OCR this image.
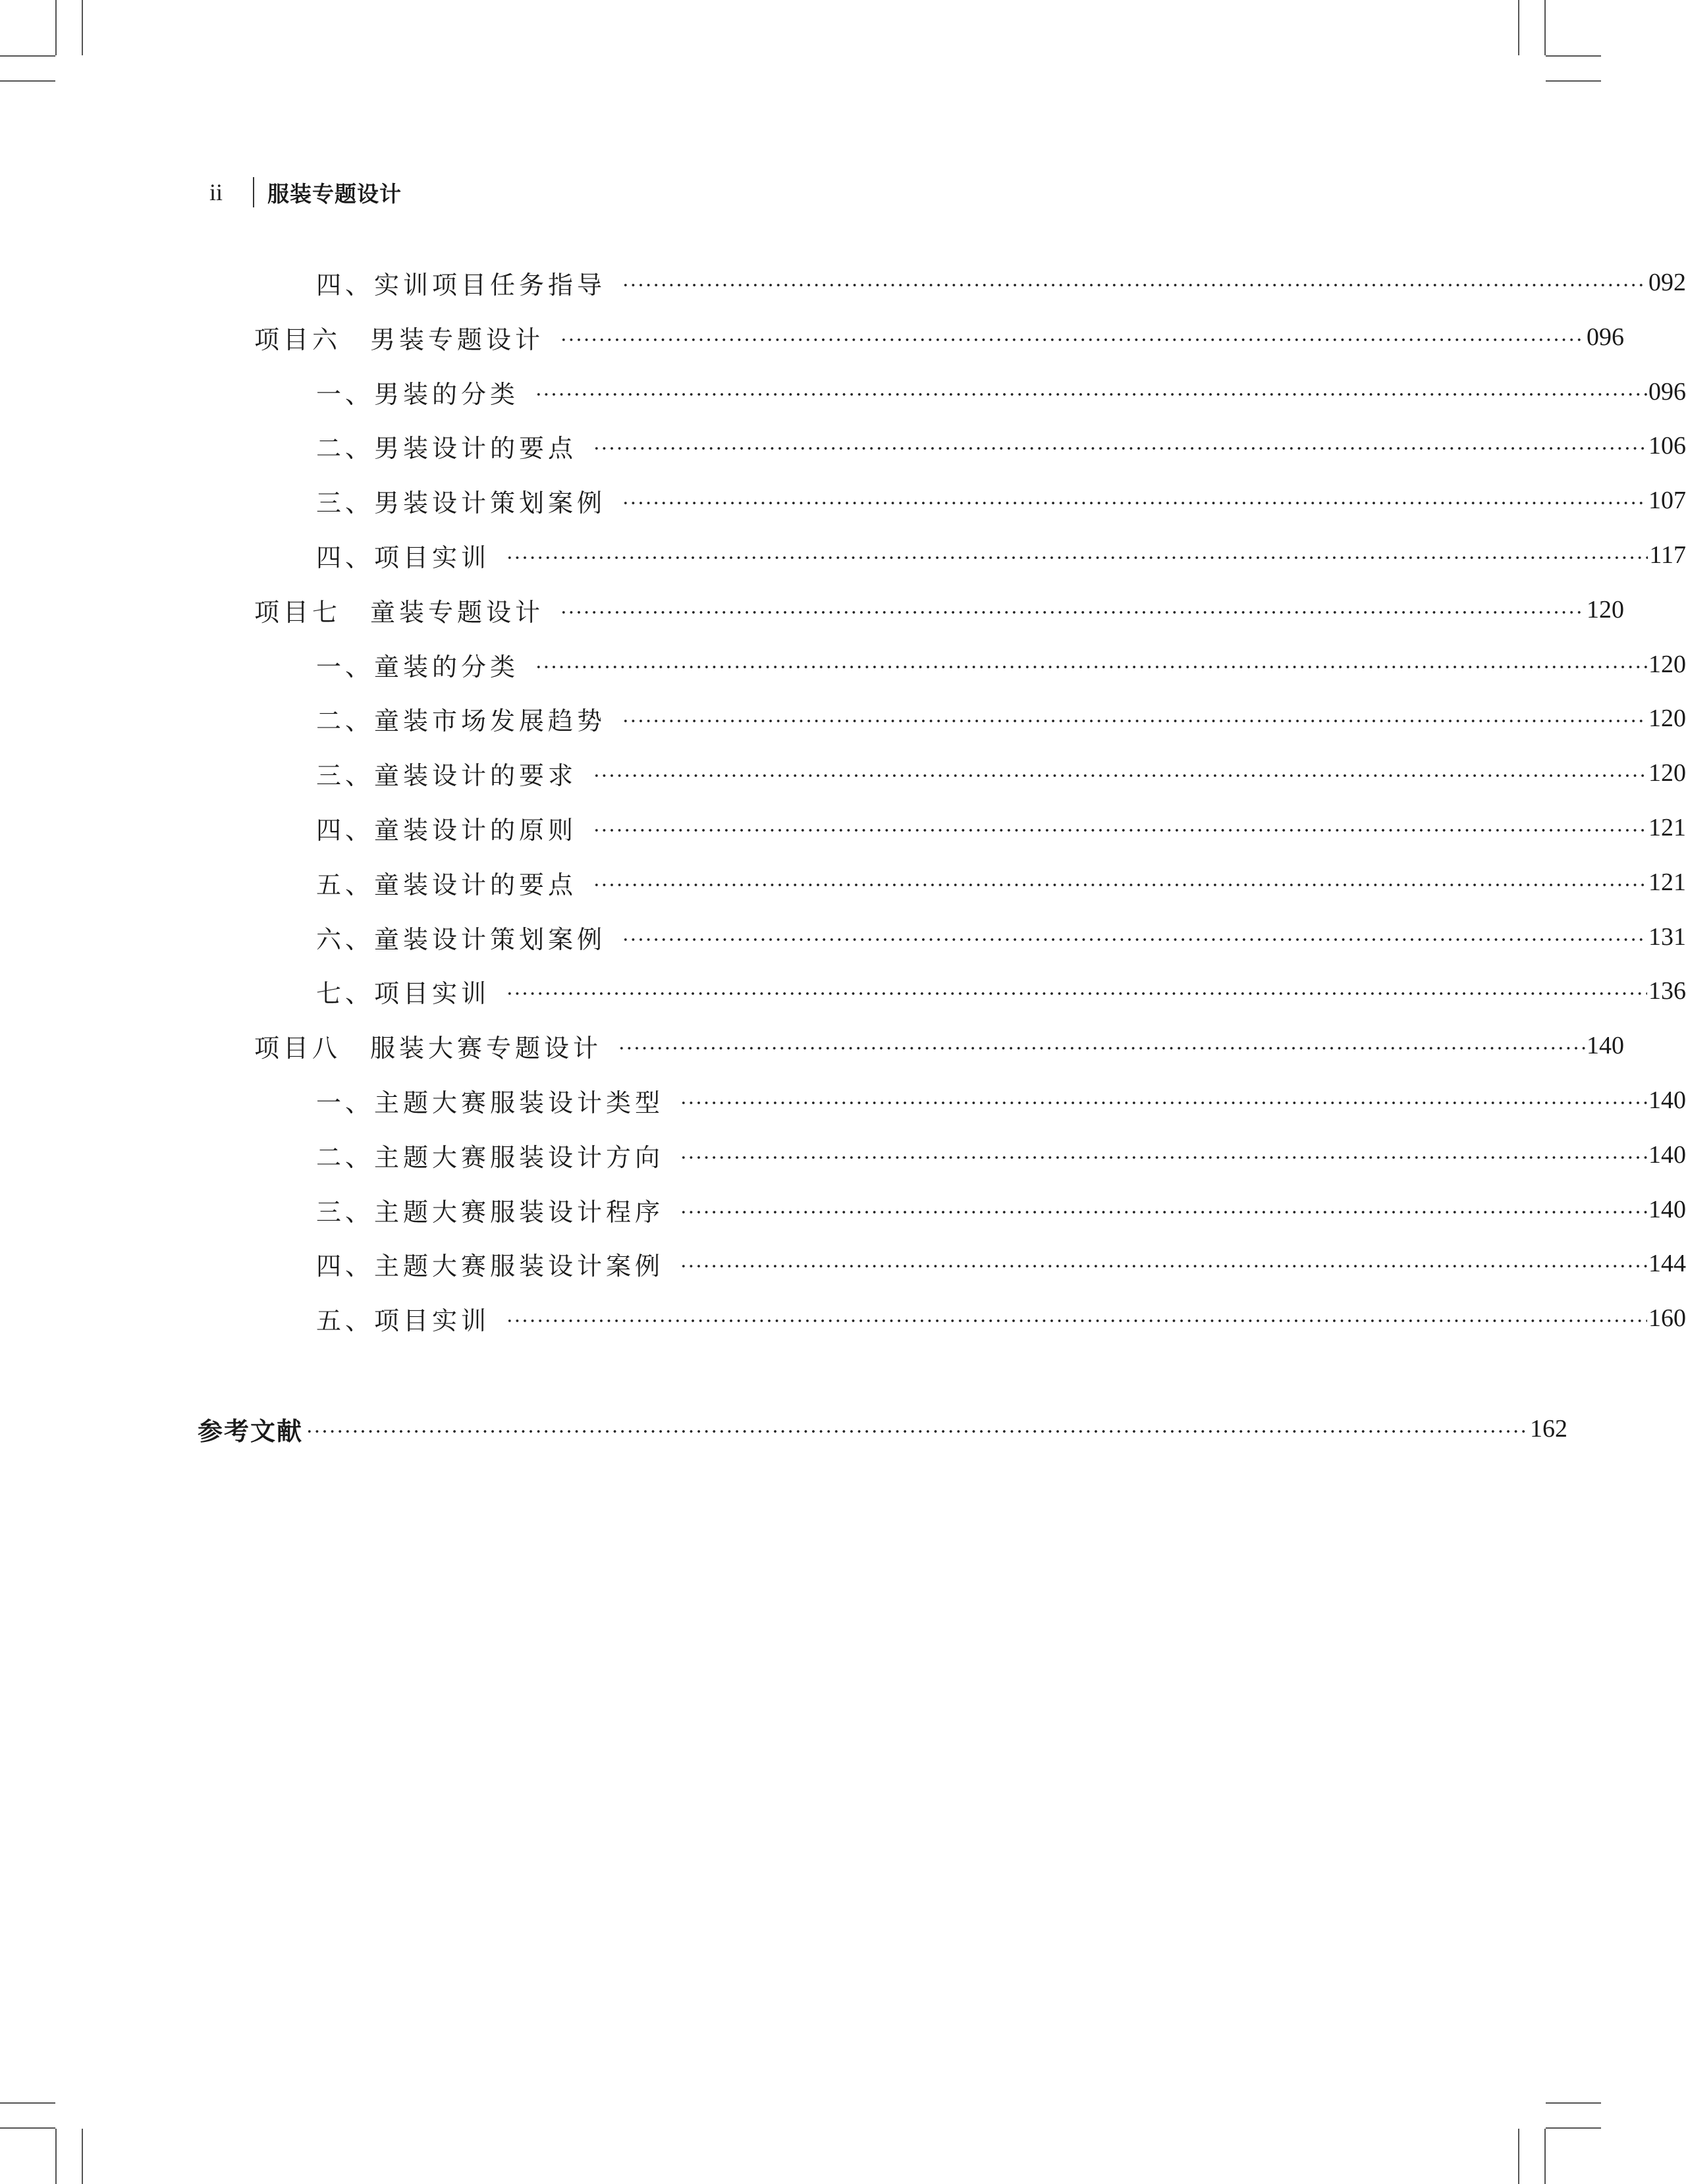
ii	服装专题设计
四、实训项目任务指导	092
项目六　男装专题设计	096
一、男装的分类	096
二、男装设计的要点	106
三、男装设计策划案例	107
四、项目实训	117
项目七　童装专题设计	120
一、童装的分类	120
二、童装市场发展趋势	120
三、童装设计的要求	120
四、童装设计的原则	121
五、童装设计的要点	121
六、童装设计策划案例	131
七、项目实训	136
项目八　服装大赛专题设计	140
一、主题大赛服装设计类型	140
二、主题大赛服装设计方向	140
三、主题大赛服装设计程序	140
四、主题大赛服装设计案例	144
五、项目实训	160
参考文献	162
